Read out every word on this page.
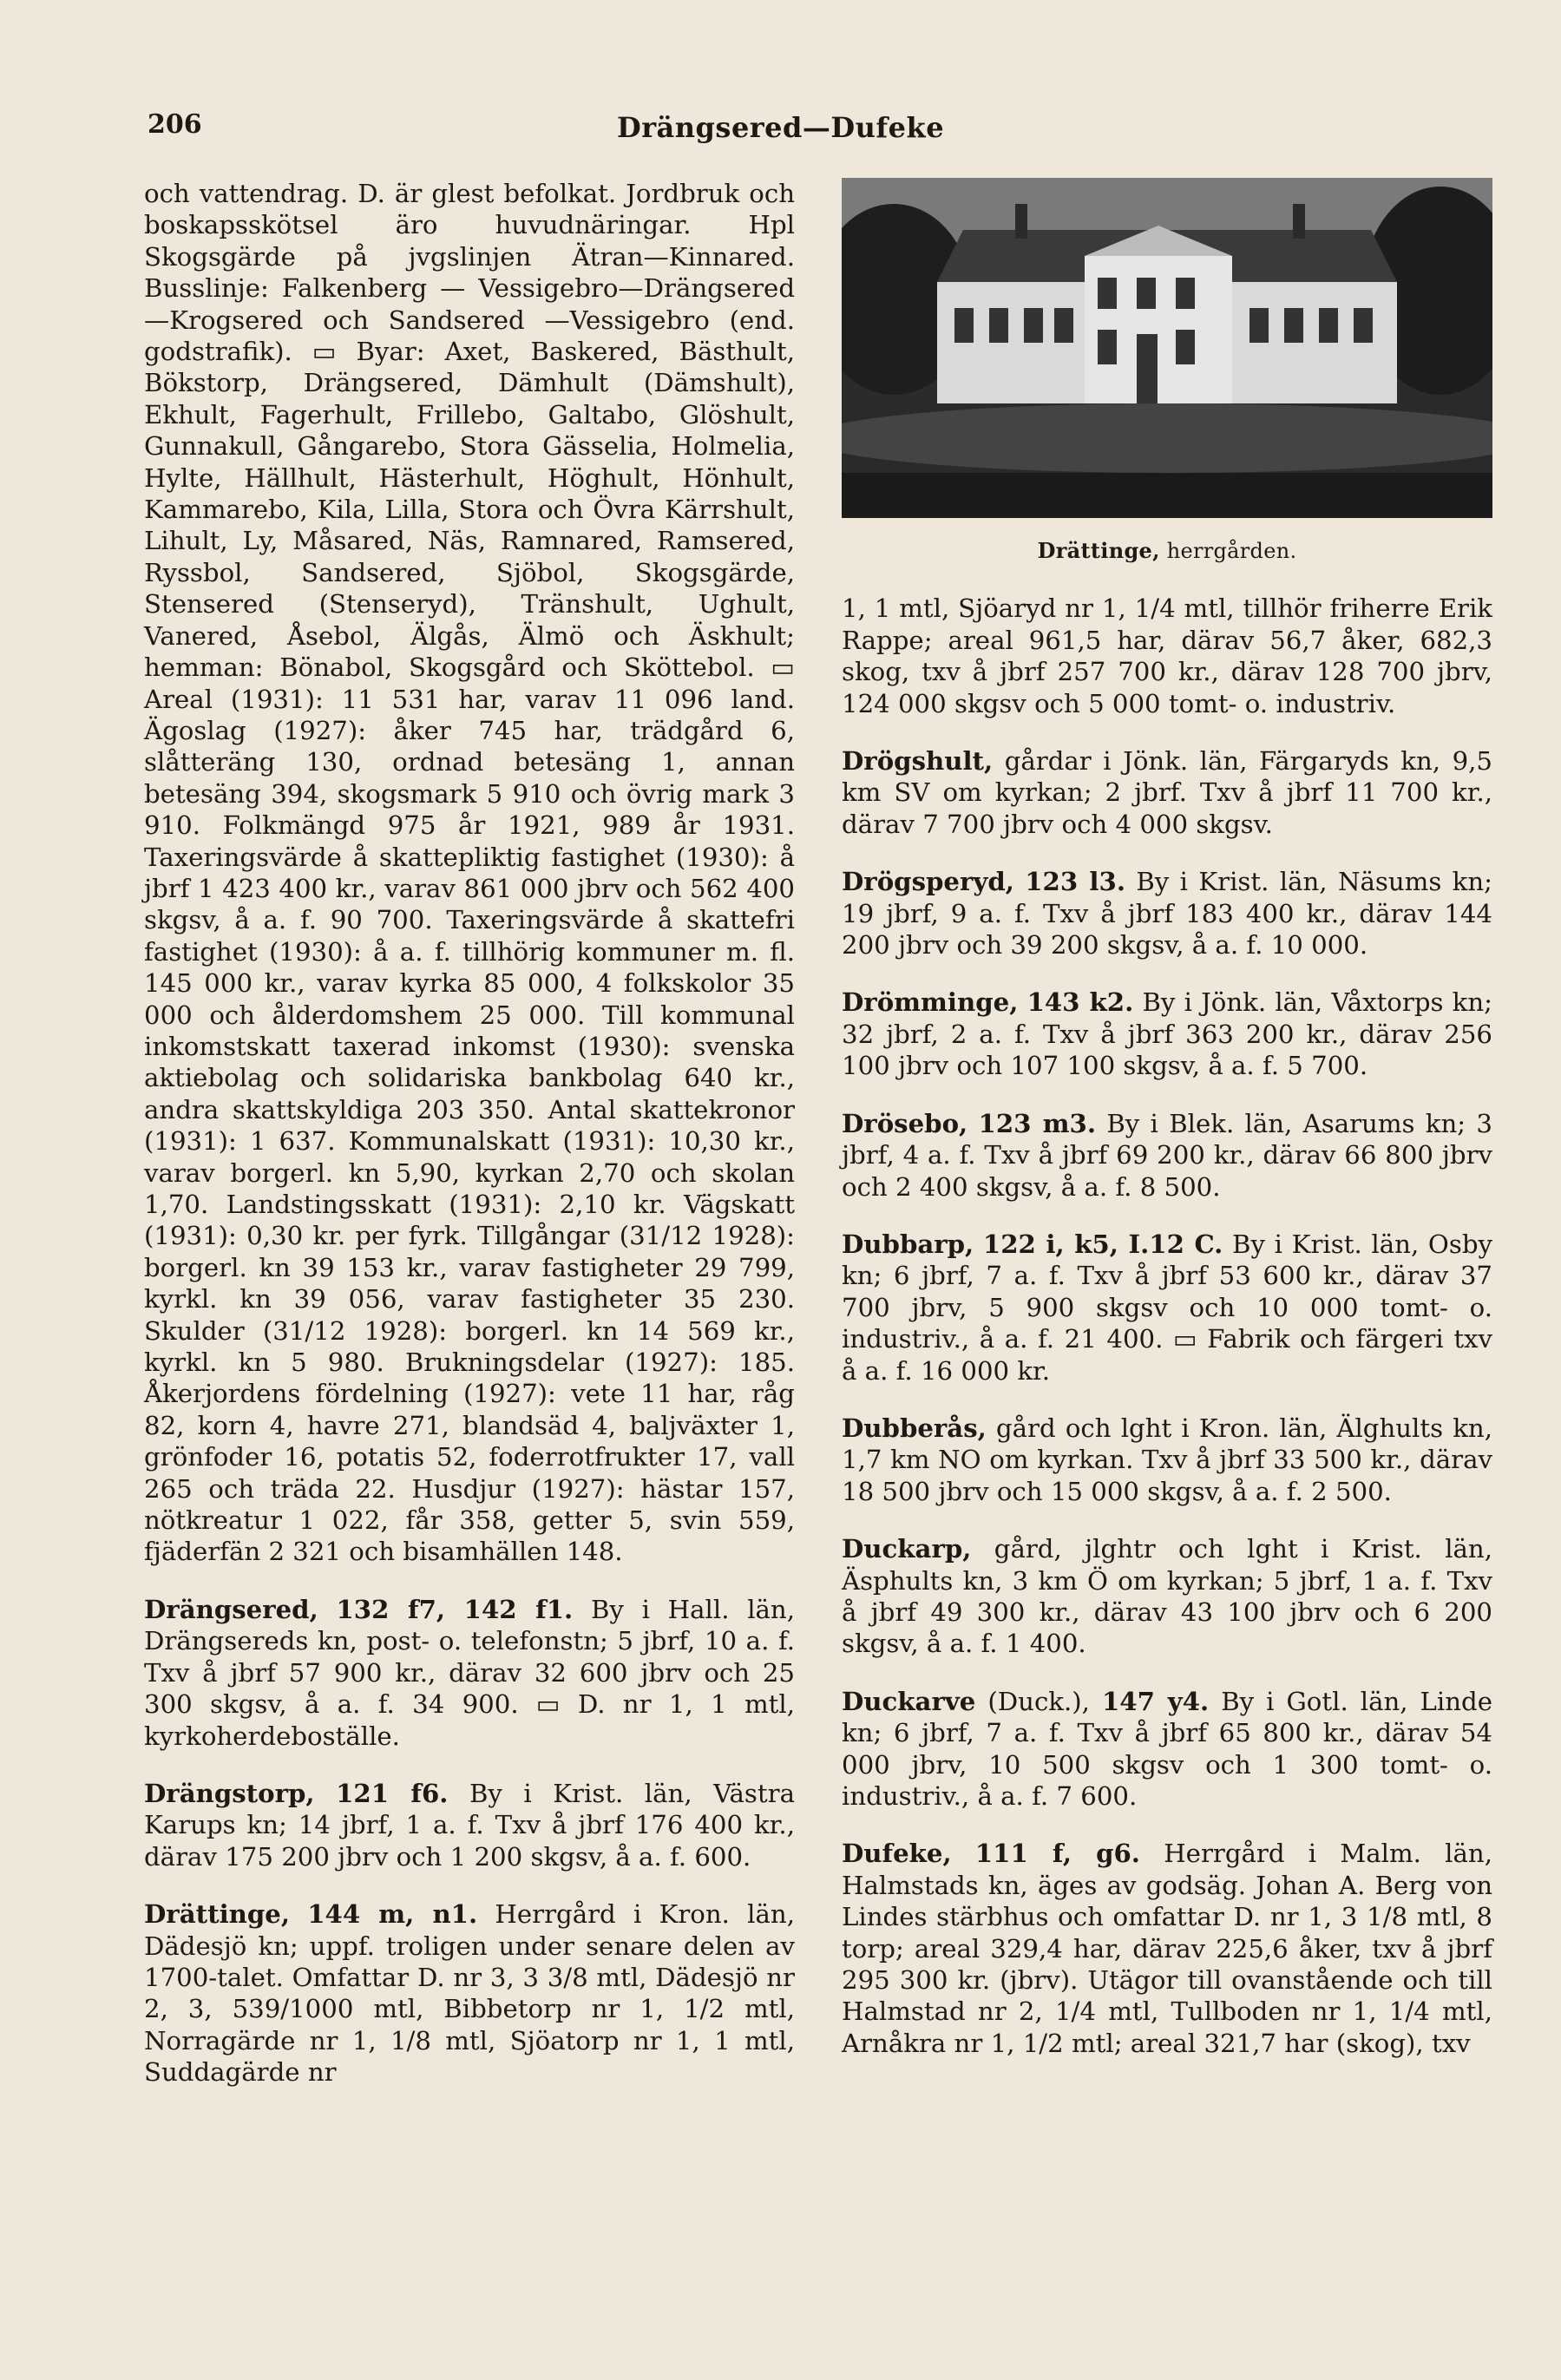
206	Drängsered—Dufeke

och vattendrag. D. är glest befolkat. Jordbruk och boskapsskötsel äro huvudnäringar. Hpl Skogsgärde på jvgslinjen Ätran—Kinnared. Busslinje: Falkenberg — Vessigebro—Drängsered—Krogsered och Sandsered —Vessigebro (end. godstrafik). ▭ Byar: Axet, Baskered, Bästhult, Bökstorp, Drängsered, Dämhult (Dämshult), Ekhult, Fagerhult, Frillebo, Galtabo, Glöshult, Gunnakull, Gångarebo, Stora Gässelia, Holmelia, Hylte, Hällhult, Hästerhult, Höghult, Hönhult, Kammarebo, Kila, Lilla, Stora och Övra Kärrshult, Lihult, Ly, Måsared, Näs, Ramnared, Ramsered, Ryssbol, Sandsered, Sjöbol, Skogsgärde, Stensered (Stenseryd), Tränshult, Ughult, Vanered, Åsebol, Älgås, Älmö och Äskhult; hemman: Bönabol, Skogsgård och Sköttebol. ▭ Areal (1931): 11 531 har, varav 11 096 land. Ägoslag (1927): åker 745 har, trädgård 6, slåtteräng 130, ordnad betesäng 1, annan betesäng 394, skogsmark 5 910 och övrig mark 3 910. Folkmängd 975 år 1921, 989 år 1931. Taxeringsvärde å skattepliktig fastighet (1930): å jbrf 1 423 400 kr., varav 861 000 jbrv och 562 400 skgsv, å a. f. 90 700. Taxeringsvärde å skattefri fastighet (1930): å a. f. tillhörig kommuner m. fl. 145 000 kr., varav kyrka 85 000, 4 folkskolor 35 000 och ålderdomshem 25 000. Till kommunal inkomstskatt taxerad inkomst (1930): svenska aktiebolag och solidariska bankbolag 640 kr., andra skattskyldiga 203 350. Antal skattekronor (1931): 1 637. Kommunalskatt (1931): 10,30 kr., varav borgerl. kn 5,90, kyrkan 2,70 och skolan 1,70. Landstingsskatt (1931): 2,10 kr. Vägskatt (1931): 0,30 kr. per fyrk. Tillgångar (31/12 1928): borgerl. kn 39 153 kr., varav fastigheter 29 799, kyrkl. kn 39 056, varav fastigheter 35 230. Skulder (31/12 1928): borgerl. kn 14 569 kr., kyrkl. kn 5 980. Brukningsdelar (1927): 185. Åkerjordens fördelning (1927): vete 11 har, råg 82, korn 4, havre 271, blandsäd 4, baljväxter 1, grönfoder 16, potatis 52, foderrotfrukter 17, vall 265 och träda 22. Husdjur (1927): hästar 157, nötkreatur 1 022, får 358, getter 5, svin 559, fjäderfän 2 321 och bisamhällen 148.

Drängsered, 132 f7, 142 f1. By i Hall. län, Drängsereds kn, post- o. telefonstn; 5 jbrf, 10 a. f. Txv å jbrf 57 900 kr., därav 32 600 jbrv och 25 300 skgsv, å a. f. 34 900. ▭ D. nr 1, 1 mtl, kyrkoherdeboställe.

Drängstorp, 121 f6. By i Krist. län, Västra Karups kn; 14 jbrf, 1 a. f. Txv å jbrf 176 400 kr., därav 175 200 jbrv och 1 200 skgsv, å a. f. 600.

Drättinge, 144 m, n1. Herrgård i Kron. län, Dädesjö kn; uppf. troligen under senare delen av 1700-talet. Omfattar D. nr 3, 3 3/8 mtl, Dädesjö nr 2, 3, 539/1000 mtl, Bibbetorp nr 1, 1/2 mtl, Norragärde nr 1, 1/8 mtl, Sjöatorp nr 1, 1 mtl, Suddagärde nr

Drättinge, herrgården.

1, 1 mtl, Sjöaryd nr 1, 1/4 mtl, tillhör friherre Erik Rappe; areal 961,5 har, därav 56,7 åker, 682,3 skog, txv å jbrf 257 700 kr., därav 128 700 jbrv, 124 000 skgsv och 5 000 tomt- o. industriv.

Drögshult, gårdar i Jönk. län, Färgaryds kn, 9,5 km SV om kyrkan; 2 jbrf. Txv å jbrf 11 700 kr., därav 7 700 jbrv och 4 000 skgsv.

Drögsperyd, 123 l3. By i Krist. län, Näsums kn; 19 jbrf, 9 a. f. Txv å jbrf 183 400 kr., därav 144 200 jbrv och 39 200 skgsv, å a. f. 10 000.

Drömminge, 143 k2. By i Jönk. län, Våxtorps kn; 32 jbrf, 2 a. f. Txv å jbrf 363 200 kr., därav 256 100 jbrv och 107 100 skgsv, å a. f. 5 700.

Drösebo, 123 m3. By i Blek. län, Asarums kn; 3 jbrf, 4 a. f. Txv å jbrf 69 200 kr., därav 66 800 jbrv och 2 400 skgsv, å a. f. 8 500.

Dubbarp, 122 i, k5, I.12 C. By i Krist. län, Osby kn; 6 jbrf, 7 a. f. Txv å jbrf 53 600 kr., därav 37 700 jbrv, 5 900 skgsv och 10 000 tomt- o. industriv., å a. f. 21 400. ▭ Fabrik och färgeri txv å a. f. 16 000 kr.

Dubberås, gård och lght i Kron. län, Älghults kn, 1,7 km NO om kyrkan. Txv å jbrf 33 500 kr., därav 18 500 jbrv och 15 000 skgsv, å a. f. 2 500.

Duckarp, gård, jlghtr och lght i Krist. län, Äsphults kn, 3 km Ö om kyrkan; 5 jbrf, 1 a. f. Txv å jbrf 49 300 kr., därav 43 100 jbrv och 6 200 skgsv, å a. f. 1 400.

Duckarve (Duck.), 147 y4. By i Gotl. län, Linde kn; 6 jbrf, 7 a. f. Txv å jbrf 65 800 kr., därav 54 000 jbrv, 10 500 skgsv och 1 300 tomt- o. industriv., å a. f. 7 600.

Dufeke, 111 f, g6. Herrgård i Malm. län, Halmstads kn, äges av godsäg. Johan A. Berg von Lindes stärbhus och omfattar D. nr 1, 3 1/8 mtl, 8 torp; areal 329,4 har, därav 225,6 åker, txv å jbrf 295 300 kr. (jbrv). Utägor till ovanstående och till Halmstad nr 2, 1/4 mtl, Tullboden nr 1, 1/4 mtl, Arnåkra nr 1, 1/2 mtl; areal 321,7 har (skog), txv
